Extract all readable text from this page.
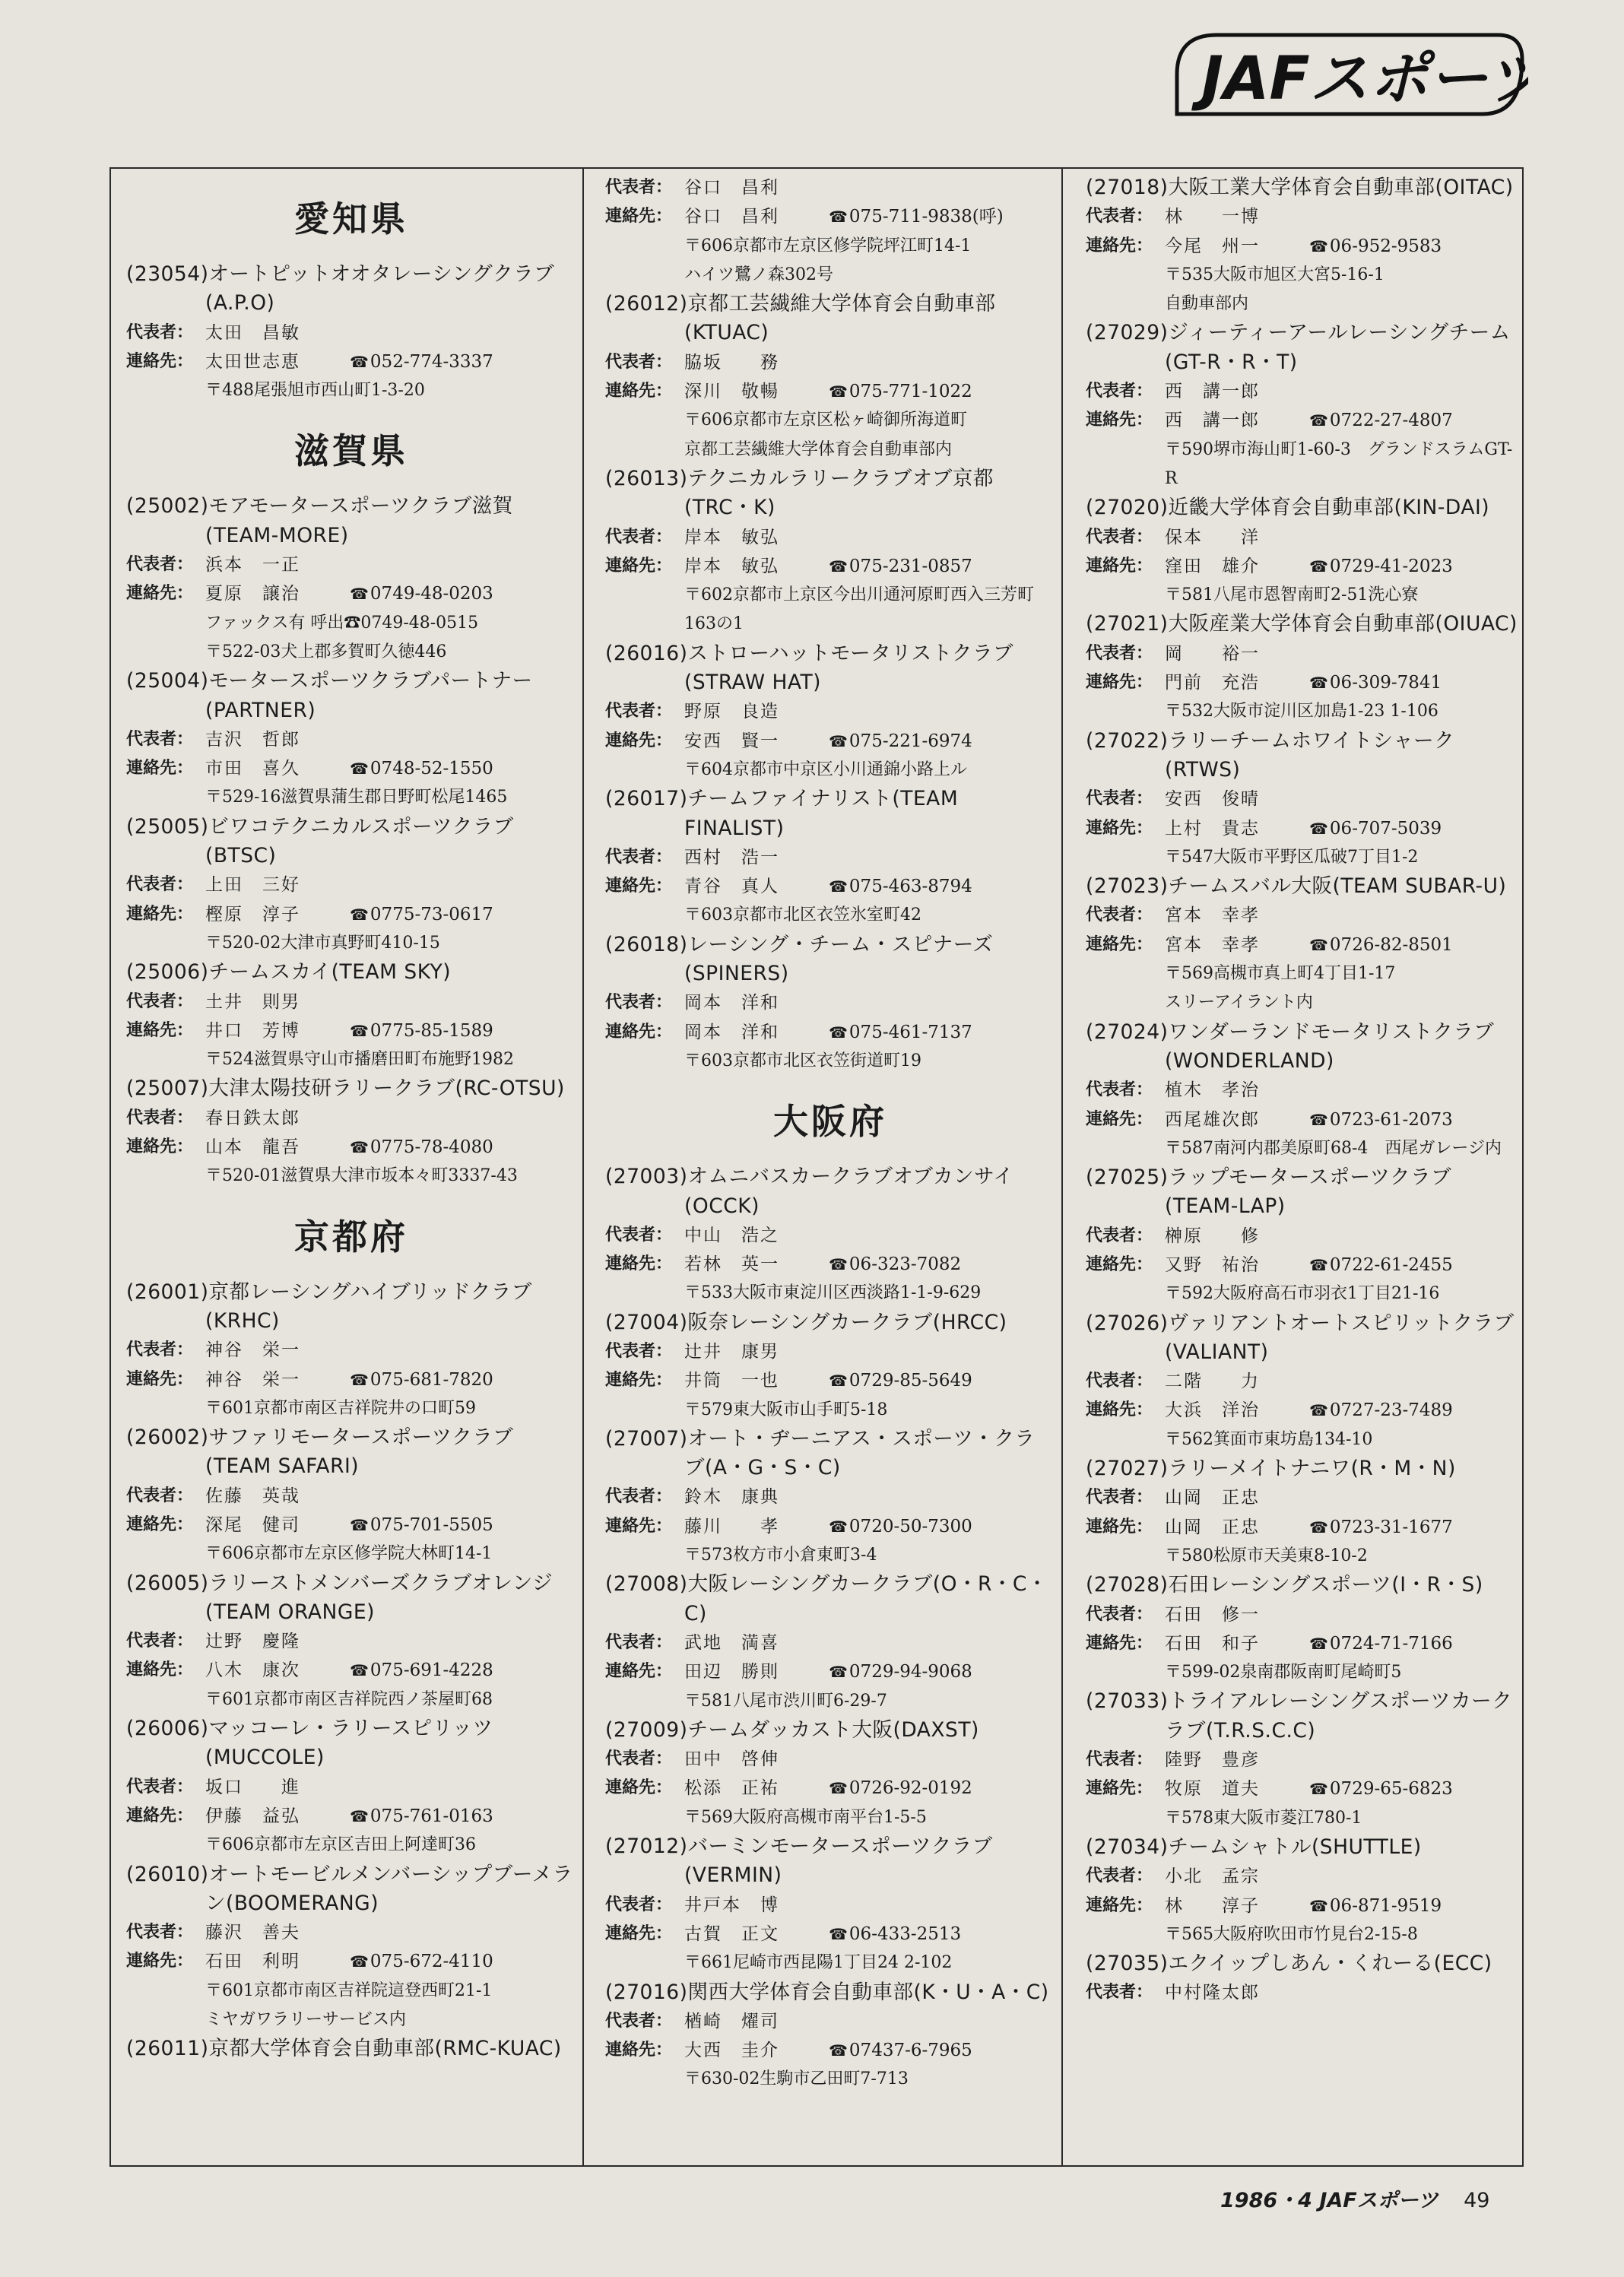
JAFスポーツ
愛知県
(23054)オートピットオオタレーシングクラブ(A.P.O)
代表者： 太田　昌敏
連絡先： 太田世志恵	☎ 052-774-3337
〒488尾張旭市西山町1-3-20
滋賀県
(25002)モアモータースポーツクラブ滋賀(TEAM-MORE)
代表者： 浜本　一正
連絡先： 夏原　譲治	☎ 0749-48-0203
ファックス有 呼出☎0749-48-0515
〒522-03犬上郡多賀町久徳446
(25004)モータースポーツクラブパートナー(PARTNER)
代表者： 吉沢　哲郎
連絡先： 市田　喜久	☎ 0748-52-1550
〒529-16滋賀県蒲生郡日野町松尾1465
(25005)ビワコテクニカルスポーツクラブ(BTSC)
代表者： 上田　三好
連絡先： 樫原　淳子	☎ 0775-73-0617
〒520-02大津市真野町410-15
(25006)チームスカイ(TEAM SKY)
代表者： 土井　則男
連絡先： 井口　芳博	☎ 0775-85-1589
〒524滋賀県守山市播磨田町布施野1982
(25007)大津太陽技研ラリークラブ(RC-OTSU)
代表者： 春日鉄太郎
連絡先： 山本　龍吾	☎ 0775-78-4080
〒520-01滋賀県大津市坂本々町3337-43
京都府
(26001)京都レーシングハイブリッドクラブ(KRHC)
代表者： 神谷　栄一
連絡先： 神谷　栄一	☎ 075-681-7820
〒601京都市南区吉祥院井の口町59
(26002)サファリモータースポーツクラブ(TEAM SAFARI)
代表者： 佐藤　英哉
連絡先： 深尾　健司	☎ 075-701-5505
〒606京都市左京区修学院大林町14-1
(26005)ラリーストメンバーズクラブオレンジ(TEAM ORANGE)
代表者： 辻野　慶隆
連絡先： 八木　康次	☎ 075-691-4228
〒601京都市南区吉祥院西ノ茶屋町68
(26006)マッコーレ・ラリースピリッツ(MUCCOLE)
代表者： 坂口　　進
連絡先： 伊藤　益弘	☎ 075-761-0163
〒606京都市左京区吉田上阿達町36
(26010)オートモービルメンバーシップブーメラン(BOOMERANG)
代表者： 藤沢　善夫
連絡先： 石田　利明	☎ 075-672-4110
〒601京都市南区吉祥院這登西町21-1
ミヤガワラリーサービス内
(26011)京都大学体育会自動車部(RMC-KUAC)
代表者： 谷口　昌利
連絡先： 谷口　昌利	☎ 075-711-9838(呼)
〒606京都市左京区修学院坪江町14-1
ハイツ鷺ノ森302号
(26012)京都工芸繊維大学体育会自動車部(KTUAC)
代表者： 脇坂　　務
連絡先： 深川　敬暢	☎ 075-771-1022
〒606京都市左京区松ヶ崎御所海道町
京都工芸繊維大学体育会自動車部内
(26013)テクニカルラリークラブオブ京都(TRC・K)
代表者： 岸本　敏弘
連絡先： 岸本　敏弘	☎ 075-231-0857
〒602京都市上京区今出川通河原町西入三芳町163の1
(26016)ストローハットモータリストクラブ(STRAW HAT)
代表者： 野原　良造
連絡先： 安西　賢一	☎ 075-221-6974
〒604京都市中京区小川通錦小路上ル
(26017)チームファイナリスト(TEAM FINALIST)
代表者： 西村　浩一
連絡先： 青谷　真人	☎ 075-463-8794
〒603京都市北区衣笠氷室町42
(26018)レーシング・チーム・スピナーズ(SPINERS)
代表者： 岡本　洋和
連絡先： 岡本　洋和	☎ 075-461-7137
〒603京都市北区衣笠街道町19
大阪府
(27003)オムニバスカークラブオブカンサイ(OCCK)
代表者： 中山　浩之
連絡先： 若林　英一	☎ 06-323-7082
〒533大阪市東淀川区西淡路1-1-9-629
(27004)阪奈レーシングカークラブ(HRCC)
代表者： 辻井　康男
連絡先： 井筒　一也	☎ 0729-85-5649
〒579東大阪市山手町5-18
(27007)オート・ヂーニアス・スポーツ・クラブ(A・G・S・C)
代表者： 鈴木　康典
連絡先： 藤川　　孝	☎ 0720-50-7300
〒573枚方市小倉東町3-4
(27008)大阪レーシングカークラブ(O・R・C・C)
代表者： 武地　満喜
連絡先： 田辺　勝則	☎ 0729-94-9068
〒581八尾市渋川町6-29-7
(27009)チームダッカスト大阪(DAXST)
代表者： 田中　啓伸
連絡先： 松添　正祐	☎ 0726-92-0192
〒569大阪府高槻市南平台1-5-5
(27012)バーミンモータースポーツクラブ(VERMIN)
代表者： 井戸本　博
連絡先： 古賀　正文	☎ 06-433-2513
〒661尼崎市西昆陽1丁目24 2-102
(27016)関西大学体育会自動車部(K・U・A・C)
代表者： 楢崎　燿司
連絡先： 大西　圭介	☎ 07437-6-7965
〒630-02生駒市乙田町7-713
(27018)大阪工業大学体育会自動車部(OITAC)
代表者： 林　　一博
連絡先： 今尾　州一	☎ 06-952-9583
〒535大阪市旭区大宮5-16-1
自動車部内
(27029)ジィーティーアールレーシングチーム(GT-R・R・T)
代表者： 西　講一郎
連絡先： 西　講一郎	☎ 0722-27-4807
〒590堺市海山町1-60-3　グランドスラムGT-R
(27020)近畿大学体育会自動車部(KIN-DAI)
代表者： 保本　　洋
連絡先： 窪田　雄介	☎ 0729-41-2023
〒581八尾市恩智南町2-51洗心寮
(27021)大阪産業大学体育会自動車部(OIUAC)
代表者： 岡　　裕一
連絡先： 門前　充浩	☎ 06-309-7841
〒532大阪市淀川区加島1-23 1-106
(27022)ラリーチームホワイトシャーク(RTWS)
代表者： 安西　俊晴
連絡先： 上村　貴志	☎ 06-707-5039
〒547大阪市平野区瓜破7丁目1-2
(27023)チームスバル大阪(TEAM SUBAR-U)
代表者： 宮本　幸孝
連絡先： 宮本　幸孝	☎ 0726-82-8501
〒569高槻市真上町4丁目1-17
スリーアイラント内
(27024)ワンダーランドモータリストクラブ(WONDERLAND)
代表者： 植木　孝治
連絡先： 西尾雄次郎	☎ 0723-61-2073
〒587南河内郡美原町68-4　西尾ガレージ内
(27025)ラップモータースポーツクラブ(TEAM-LAP)
代表者： 榊原　　修
連絡先： 又野　祐治	☎ 0722-61-2455
〒592大阪府高石市羽衣1丁目21-16
(27026)ヴァリアントオートスピリットクラブ(VALIANT)
代表者： 二階　　力
連絡先： 大浜　洋治	☎ 0727-23-7489
〒562箕面市東坊島134-10
(27027)ラリーメイトナニワ(R・M・N)
代表者： 山岡　正忠
連絡先： 山岡　正忠	☎ 0723-31-1677
〒580松原市天美東8-10-2
(27028)石田レーシングスポーツ(I・R・S)
代表者： 石田　修一
連絡先： 石田　和子	☎ 0724-71-7166
〒599-02泉南郡阪南町尾崎町5
(27033)トライアルレーシングスポーツカークラブ(T.R.S.C.C)
代表者： 陸野　豊彦
連絡先： 牧原　道夫	☎ 0729-65-6823
〒578東大阪市菱江780-1
(27034)チームシャトル(SHUTTLE)
代表者： 小北　孟宗
連絡先： 林　　淳子	☎ 06-871-9519
〒565大阪府吹田市竹見台2-15-8
(27035)エクイップしあん・くれーる(ECC)
代表者： 中村隆太郎
1986・4 JAFスポーツ 49
